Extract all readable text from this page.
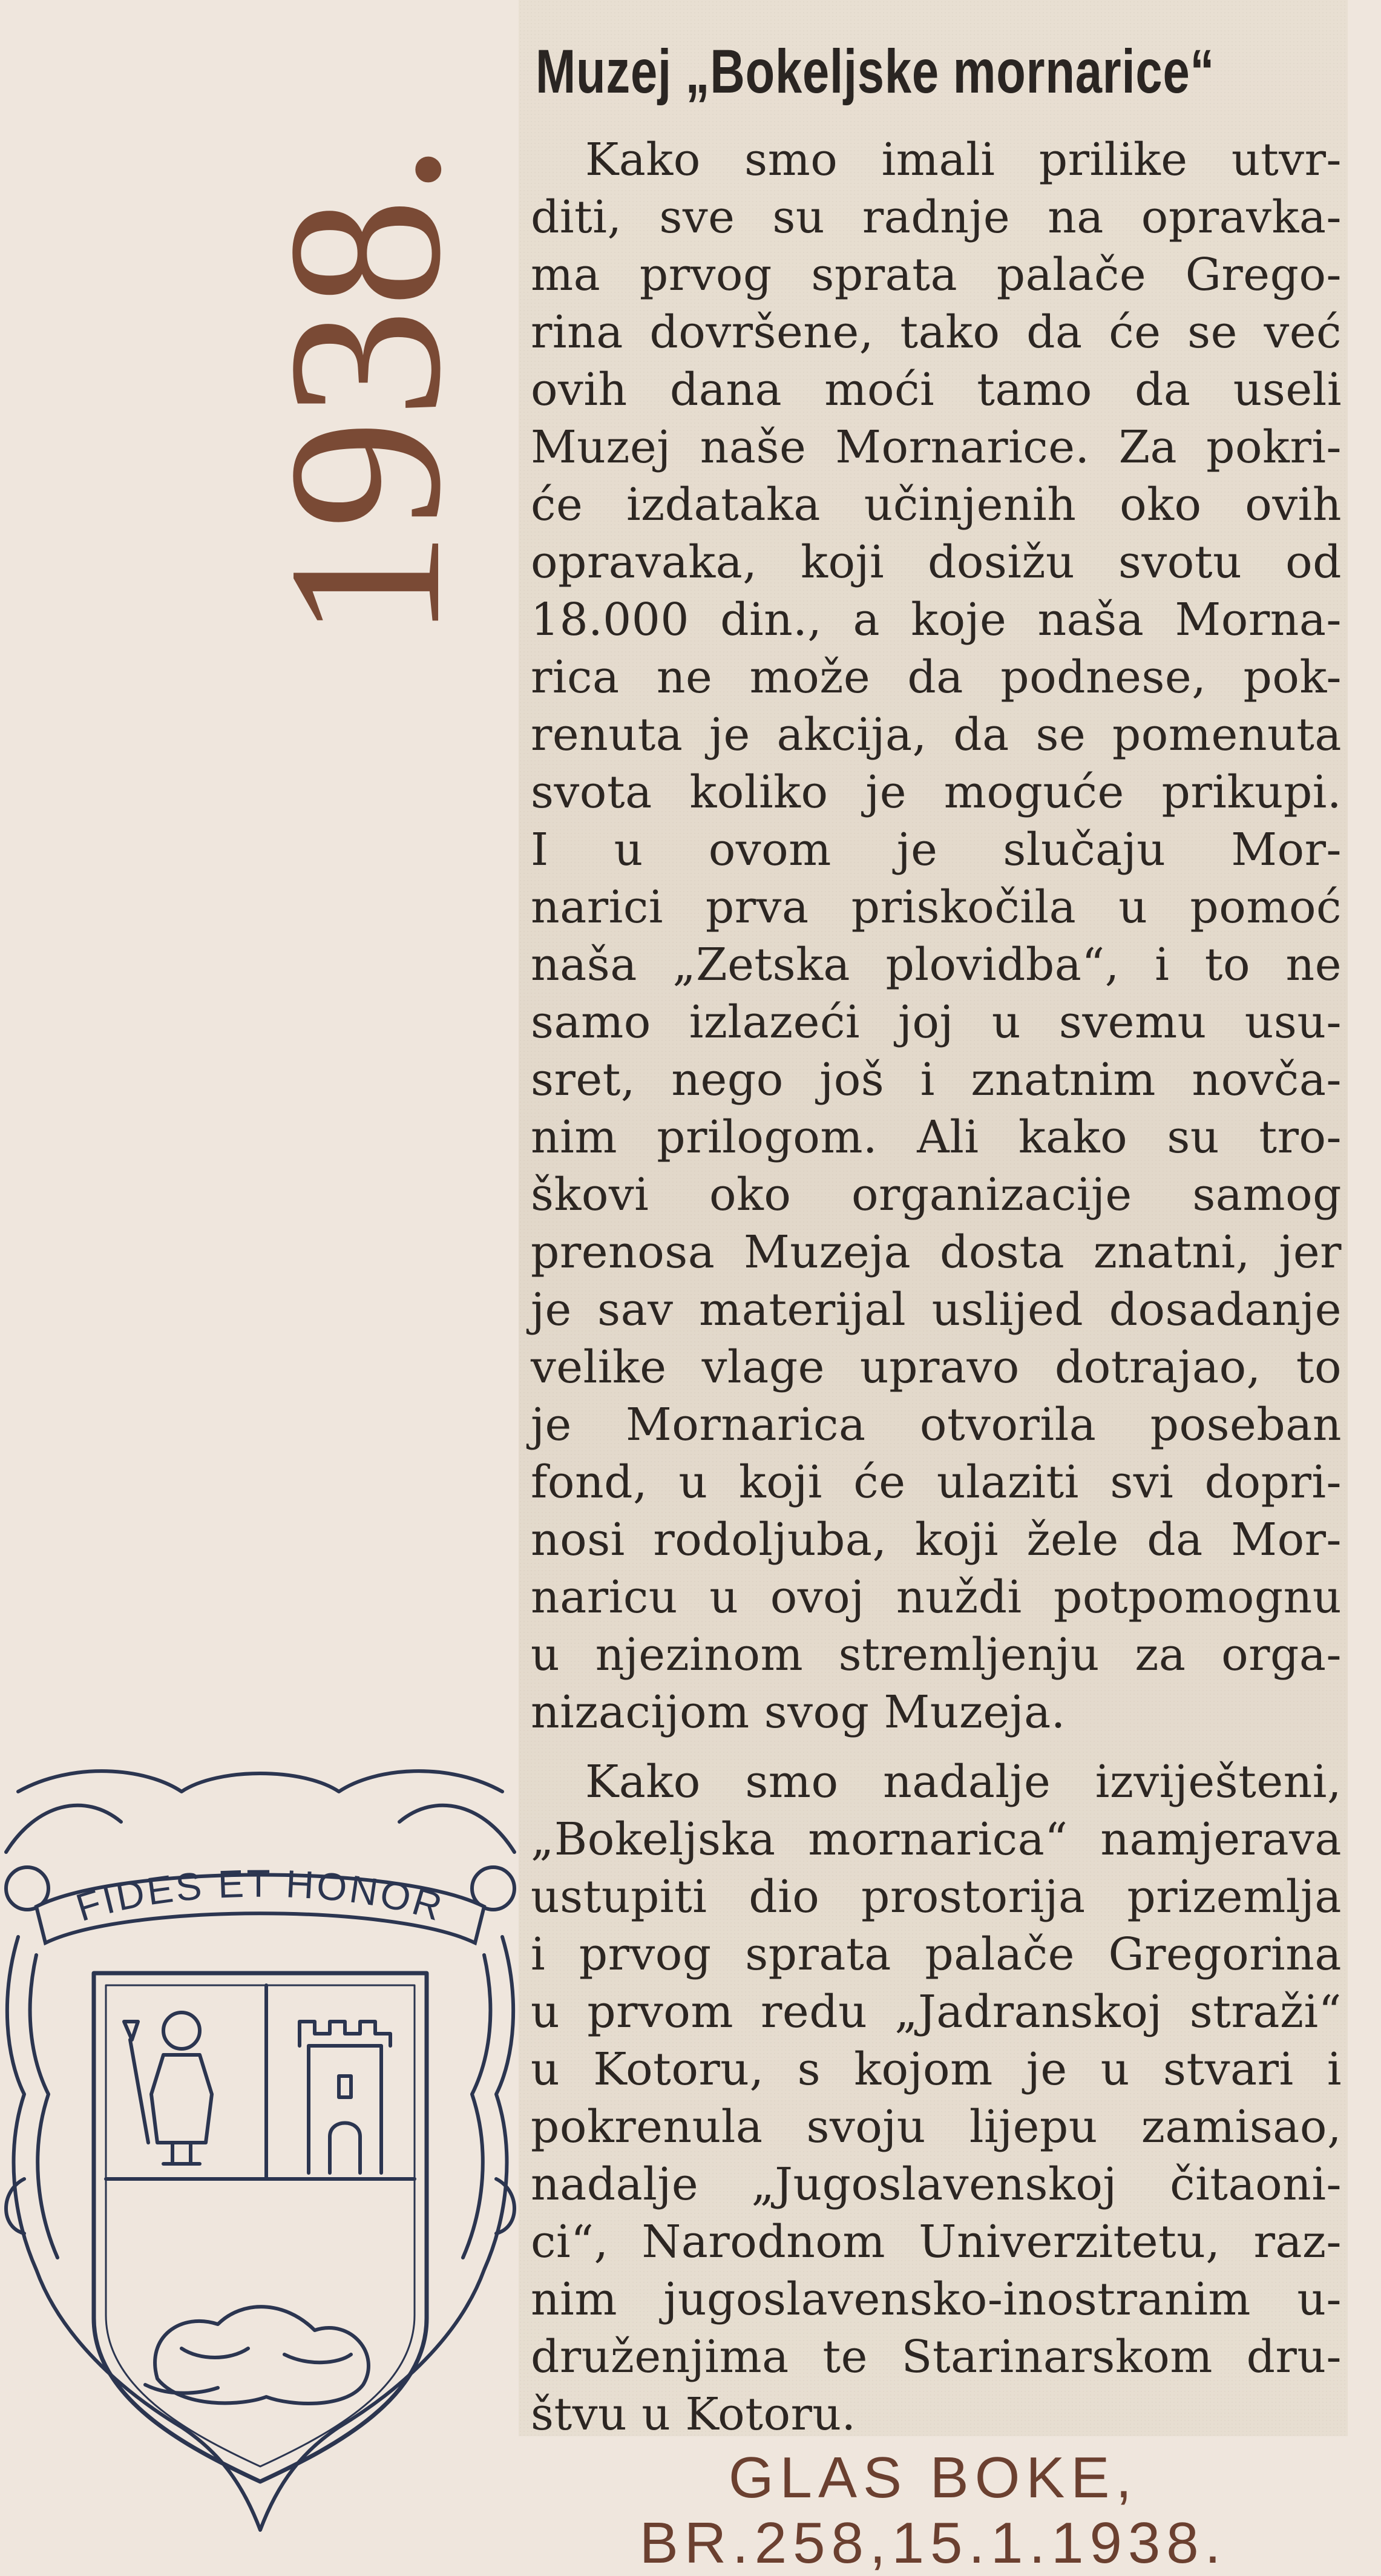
1938.
Muzej „Bokeljske mornarice“
Kako smo imali prilike utvr-
diti, sve su radnje na opravka-
ma prvog sprata palače Grego-
rina dovršene, tako da će se već
ovih dana moći tamo da useli
Muzej naše Mornarice. Za pokri-
će izdataka učinjenih oko ovih
opravaka, koji dosižu svotu od
18.000 din., a koje naša Morna-
rica ne može da podnese, pok-
renuta je akcija, da se pomenuta
svota koliko je moguće prikupi.
I u ovom je slučaju Mor-
narici prva priskočila u pomoć
naša „Zetska plovidba“, i to ne
samo izlazeći joj u svemu usu-
sret, nego još i znatnim novča-
nim prilogom. Ali kako su tro-
škovi oko organizacije samog
prenosa Muzeja dosta znatni, jer
je sav materijal uslijed dosadanje
velike vlage upravo dotrajao, to
je Mornarica otvorila poseban
fond, u koji će ulaziti svi dopri-
nosi rodoljuba, koji žele da Mor-
naricu u ovoj nuždi potpomognu
u njezinom stremljenju za orga-
nizacijom svog Muzeja.
Kako smo nadalje izviješteni,
„Bokeljska mornarica“ namjerava
ustupiti dio prostorija prizemlja
i prvog sprata palače Gregorina
u prvom redu „Jadranskoj straži“
u Kotoru, s kojom je u stvari i
pokrenula svoju lijepu zamisao,
nadalje „Jugoslavenskoj čitaoni-
ci“, Narodnom Univerzitetu, raz-
nim jugoslavensko-inostranim u-
druženjima te Starinarskom dru-
štvu u Kotoru.
GLAS BOKE,
BR.258,15.1.1938.
FIDES ET HONOR
